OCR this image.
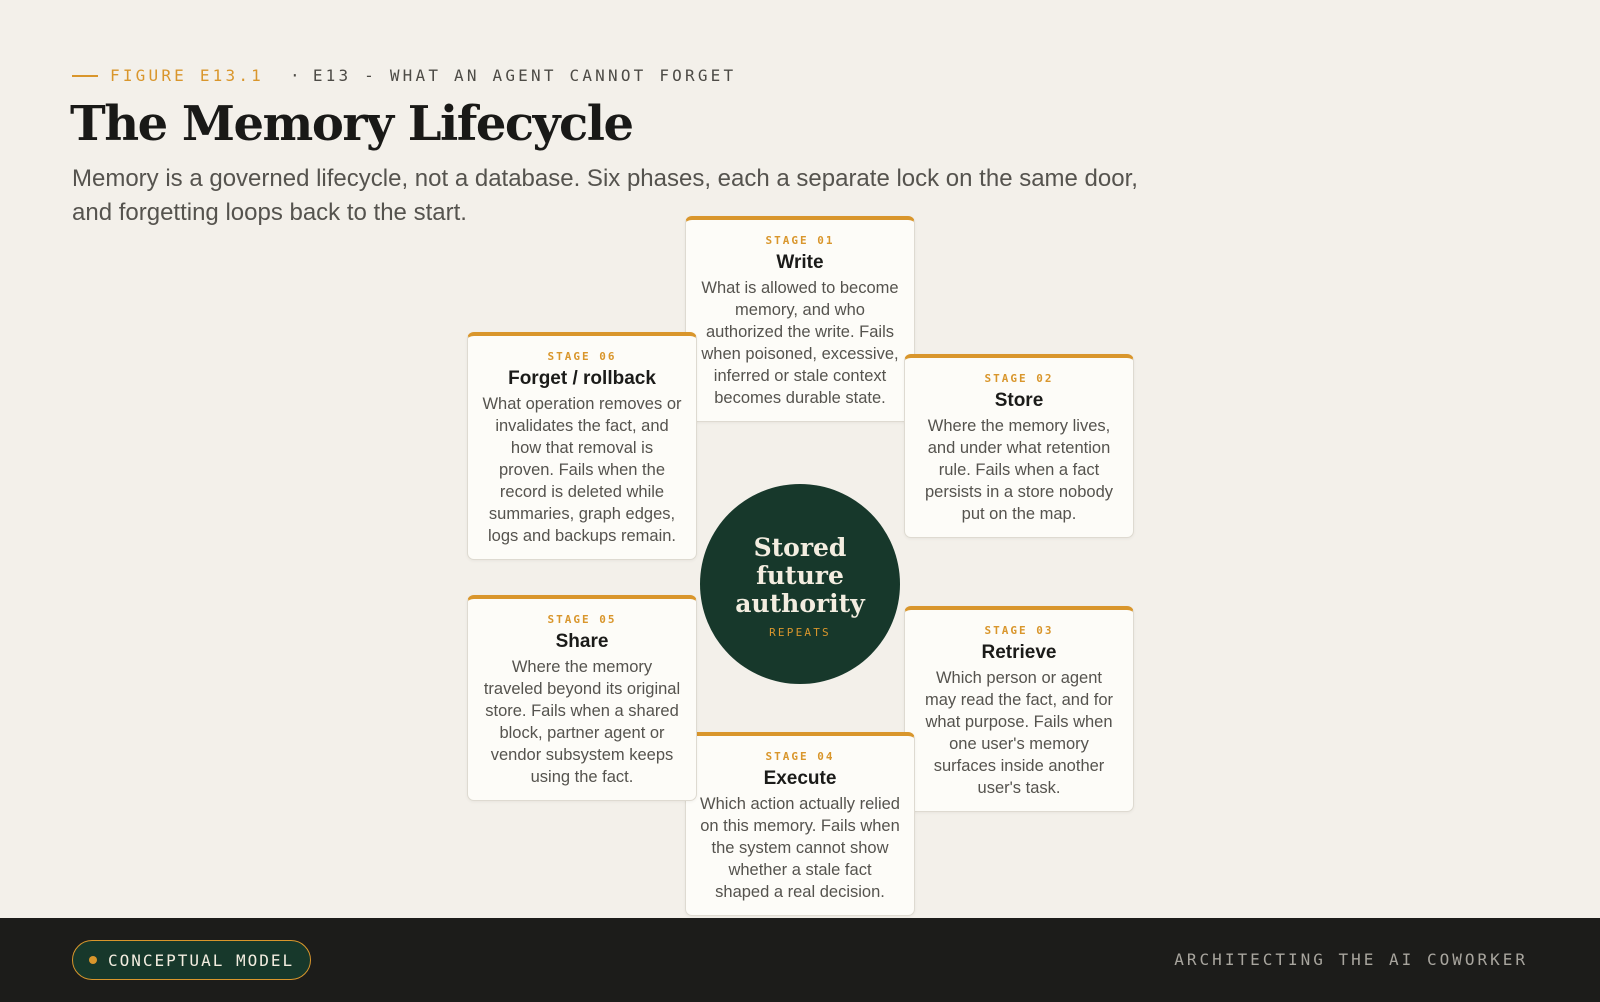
FIGURE E13.1 · E13 - WHAT AN AGENT CANNOT FORGET
The Memory Lifecycle

Memory is a governed lifecycle, not a database. Six phases, each a separate lock on the same door, and forgetting loops back to the start.

STAGE 01
Write
What is allowed to become memory, and who authorized the write. Fails when poisoned, excessive, inferred or stale context becomes durable state.
STAGE 02
Store
Where the memory lives, and under what retention rule. Fails when a fact persists in a store nobody put on the map.
STAGE 03
Retrieve
Which person or agent may read the fact, and for what purpose. Fails when one user's memory surfaces inside another user's task.
STAGE 04
Execute
Which action actually relied on this memory. Fails when the system cannot show whether a stale fact shaped a real decision.
STAGE 05
Share
Where the memory traveled beyond its original store. Fails when a shared block, partner agent or vendor subsystem keeps using the fact.
STAGE 06
Forget / rollback
What operation removes or invalidates the fact, and how that removal is proven. Fails when the record is deleted while summaries, graph edges, logs and backups remain.	Stored future authority
REPEATS
CONCEPTUAL MODEL	ARCHITECTING THE AI COWORKER
